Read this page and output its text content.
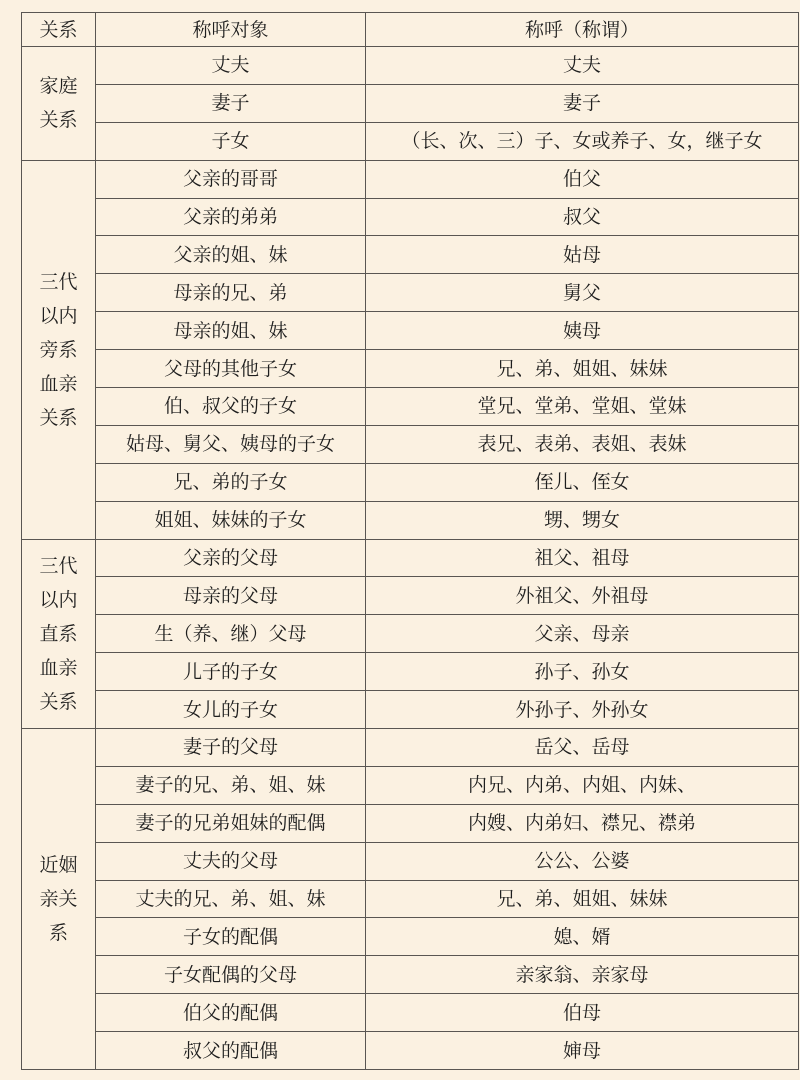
关系	称呼对象	称呼（称谓）

家庭
关系	丈夫	丈夫
	妻子	妻子
	子女	（长、次、三）子、女或养子、女，继子女

三代
以内
旁系
血亲
关系	父亲的哥哥	伯父
	父亲的弟弟	叔父
	父亲的姐、妹	姑母
	母亲的兄、弟	舅父
	母亲的姐、妹	姨母
	父母的其他子女	兄、弟、姐姐、妹妹
	伯、叔父的子女	堂兄、堂弟、堂姐、堂妹
	姑母、舅父、姨母的子女	表兄、表弟、表姐、表妹
	兄、弟的子女	侄儿、侄女
	姐姐、妹妹的子女	甥、甥女

三代
以内
直系
血亲
关系	父亲的父母	祖父、祖母
	母亲的父母	外祖父、外祖母
	生（养、继）父母	父亲、母亲
	儿子的子女	孙子、孙女
	女儿的子女	外孙子、外孙女

近姻
亲关
系	妻子的父母	岳父、岳母
	妻子的兄、弟、姐、妹	内兄、内弟、内姐、内妹、
	妻子的兄弟姐妹的配偶	内嫂、内弟妇、襟兄、襟弟
	丈夫的父母	公公、公婆
	丈夫的兄、弟、姐、妹	兄、弟、姐姐、妹妹
	子女的配偶	媳、婿
	子女配偶的父母	亲家翁、亲家母
	伯父的配偶	伯母
	叔父的配偶	婶母
